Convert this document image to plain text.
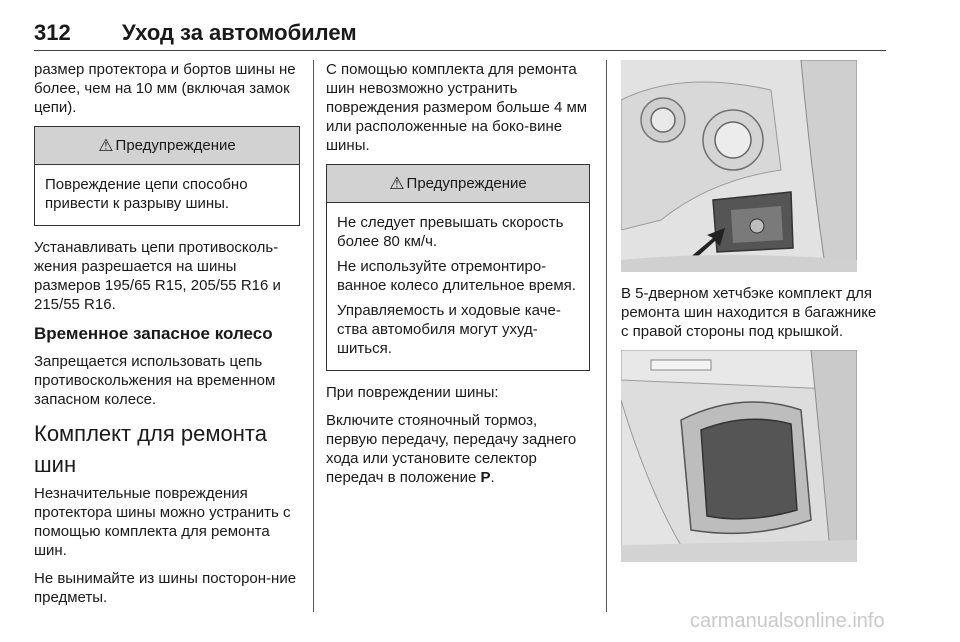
312 Уход за автомобилем

размер протектора и бортов шины не более, чем на 10 мм (включая замок цепи).

⚠ Предупреждение

Повреждение цепи способно привести к разрыву шины.

Устанавливать цепи противосколь-жения разрешается на шины размеров 195/65 R15, 205/55 R16 и 215/55 R16.

Временное запасное колесо

Запрещается использовать цепь противоскольжения на временном запасном колесе.

Комплект для ремонта шин

Незначительные повреждения протектора шины можно устранить с помощью комплекта для ремонта шин.

Не вынимайте из шины посторон-ние предметы.

С помощью комплекта для ремонта шин невозможно устранить повреждения размером больше 4 мм или расположенные на боко-вине шины.

⚠ Предупреждение

Не следует превышать скорость более 80 км/ч.

Не используйте отремонтиро-ванное колесо длительное время.

Управляемость и ходовые каче-ства автомобиля могут ухуд-шиться.

При повреждении шины:

Включите стояночный тормоз, первую передачу, передачу заднего хода или установите селектор передач в положение P.

В 5-дверном хетчбэке комплект для ремонта шин находится в багажнике с правой стороны под крышкой.

carmanualsonline.info
